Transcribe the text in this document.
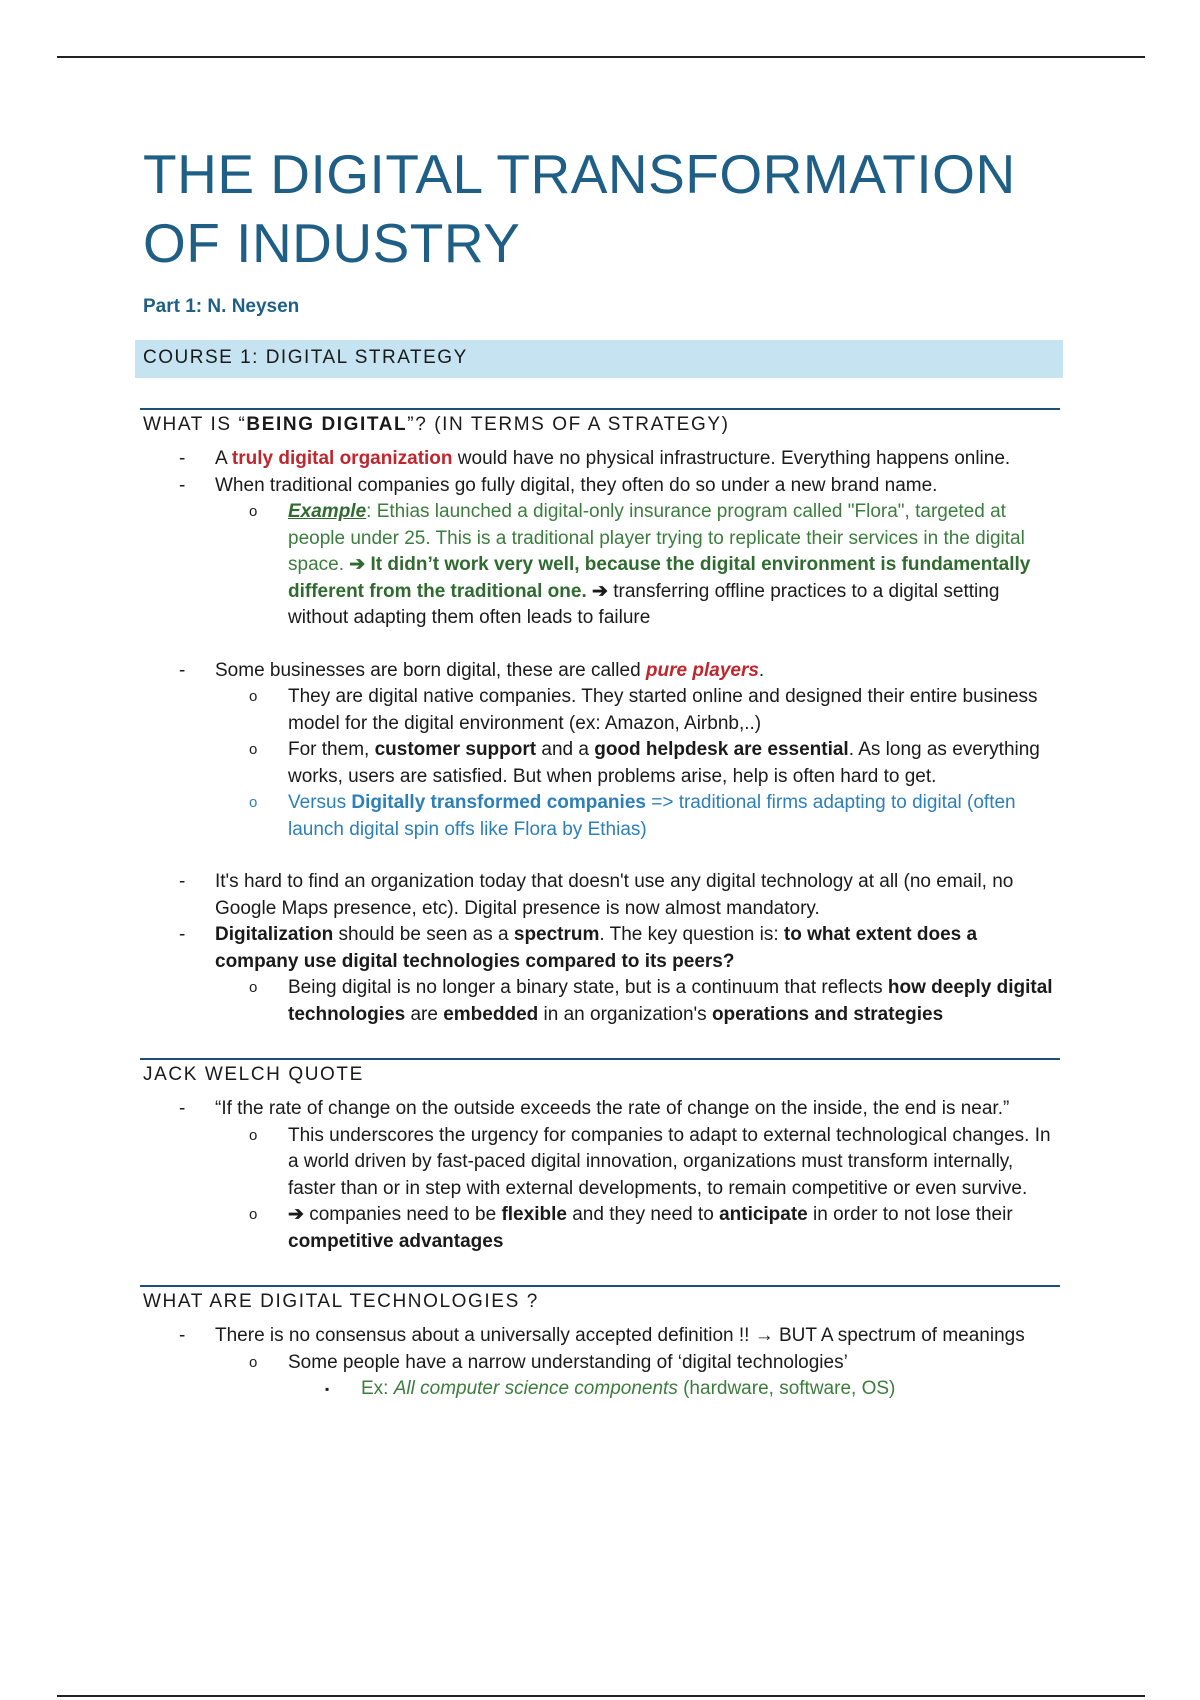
THE DIGITAL TRANSFORMATION
OF INDUSTRY
Part 1: N. Neysen
COURSE 1: DIGITAL STRATEGY
WHAT IS “BEING DIGITAL”? (IN TERMS OF A STRATEGY)
- A truly digital organization would have no physical infrastructure. Everything happens online.
- When traditional companies go fully digital, they often do so under a new brand name.
o Example: Ethias launched a digital-only insurance program called "Flora", targeted at people under 25. This is a traditional player trying to replicate their services in the digital space. ➔ It didn’t work very well, because the digital environment is fundamentally different from the traditional one. ➔ transferring offline practices to a digital setting without adapting them often leads to failure
- Some businesses are born digital, these are called pure players.
o They are digital native companies. They started online and designed their entire business model for the digital environment (ex: Amazon, Airbnb,..)
o For them, customer support and a good helpdesk are essential. As long as everything works, users are satisfied. But when problems arise, help is often hard to get.
o Versus Digitally transformed companies => traditional firms adapting to digital (often launch digital spin offs like Flora by Ethias)
- It's hard to find an organization today that doesn't use any digital technology at all (no email, no Google Maps presence, etc). Digital presence is now almost mandatory.
- Digitalization should be seen as a spectrum. The key question is: to what extent does a company use digital technologies compared to its peers?
o Being digital is no longer a binary state, but is a continuum that reflects how deeply digital technologies are embedded in an organization's operations and strategies
JACK WELCH QUOTE
- “If the rate of change on the outside exceeds the rate of change on the inside, the end is near.”
o This underscores the urgency for companies to adapt to external technological changes. In a world driven by fast-paced digital innovation, organizations must transform internally, faster than or in step with external developments, to remain competitive or even survive.
o ➔ companies need to be flexible and they need to anticipate in order to not lose their competitive advantages
WHAT ARE DIGITAL TECHNOLOGIES ?
- There is no consensus about a universally accepted definition !! → BUT A spectrum of meanings
o Some people have a narrow understanding of ‘digital technologies’
▪ Ex: All computer science components (hardware, software, OS)
